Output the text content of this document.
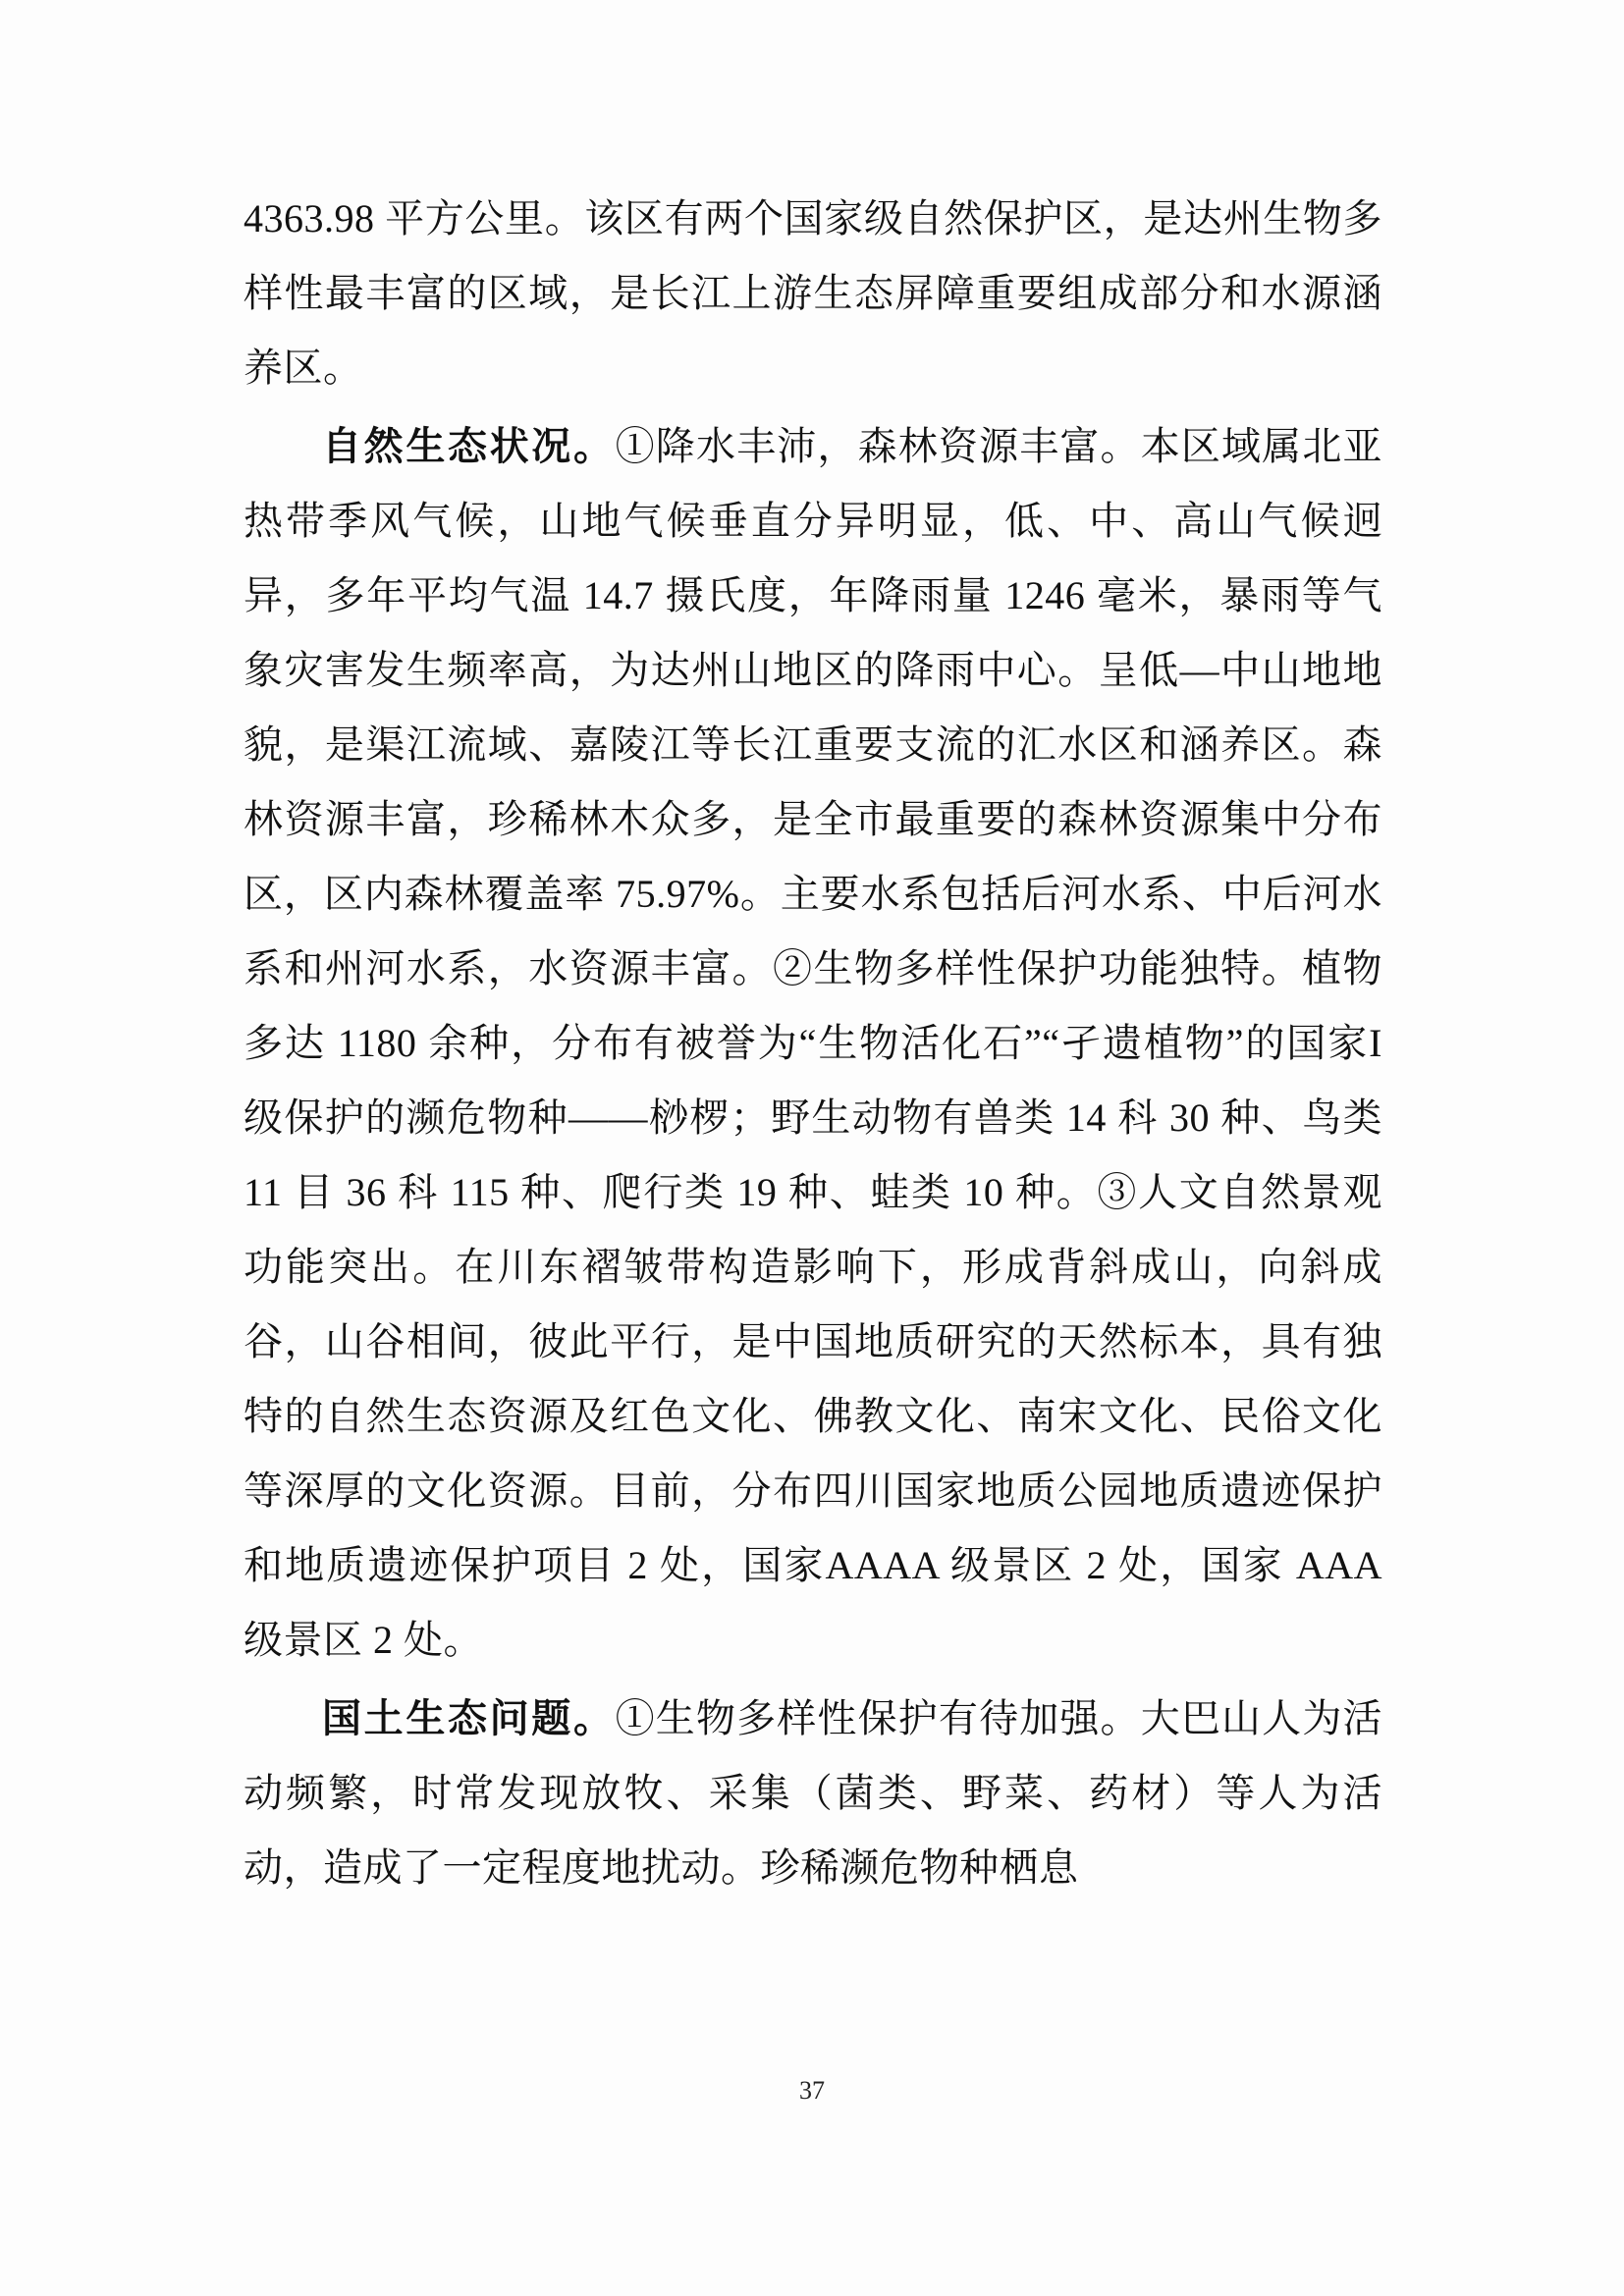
4363.98 平方公里。该区有两个国家级自然保护区，是达州生物多样性最丰富的区域，是长江上游生态屏障重要组成部分和水源涵养区。

自然生态状况。①降水丰沛，森林资源丰富。本区域属北亚热带季风气候，山地气候垂直分异明显，低、中、高山气候迥异，多年平均气温 14.7 摄氏度，年降雨量 1246 毫米，暴雨等气象灾害发生频率高，为达州山地区的降雨中心。呈低—中山地地貌，是渠江流域、嘉陵江等长江重要支流的汇水区和涵养区。森林资源丰富，珍稀林木众多，是全市最重要的森林资源集中分布区，区内森林覆盖率 75.97%。主要水系包括后河水系、中后河水系和州河水系，水资源丰富。②生物多样性保护功能独特。植物多达 1180 余种，分布有被誉为“生物活化石”“孑遗植物”的国家I级保护的濒危物种——桫椤；野生动物有兽类 14 科 30 种、鸟类 11 目 36 科 115 种、爬行类 19 种、蛙类 10 种。③人文自然景观功能突出。在川东褶皱带构造影响下，形成背斜成山，向斜成谷，山谷相间，彼此平行，是中国地质研究的天然标本，具有独特的自然生态资源及红色文化、佛教文化、南宋文化、民俗文化等深厚的文化资源。目前，分布四川国家地质公园地质遗迹保护和地质遗迹保护项目 2 处，国家AAAA 级景区 2 处，国家 AAA 级景区 2 处。

国土生态问题。①生物多样性保护有待加强。大巴山人为活动频繁，时常发现放牧、采集（菌类、野菜、药材）等人为活动，造成了一定程度地扰动。珍稀濒危物种栖息

37
